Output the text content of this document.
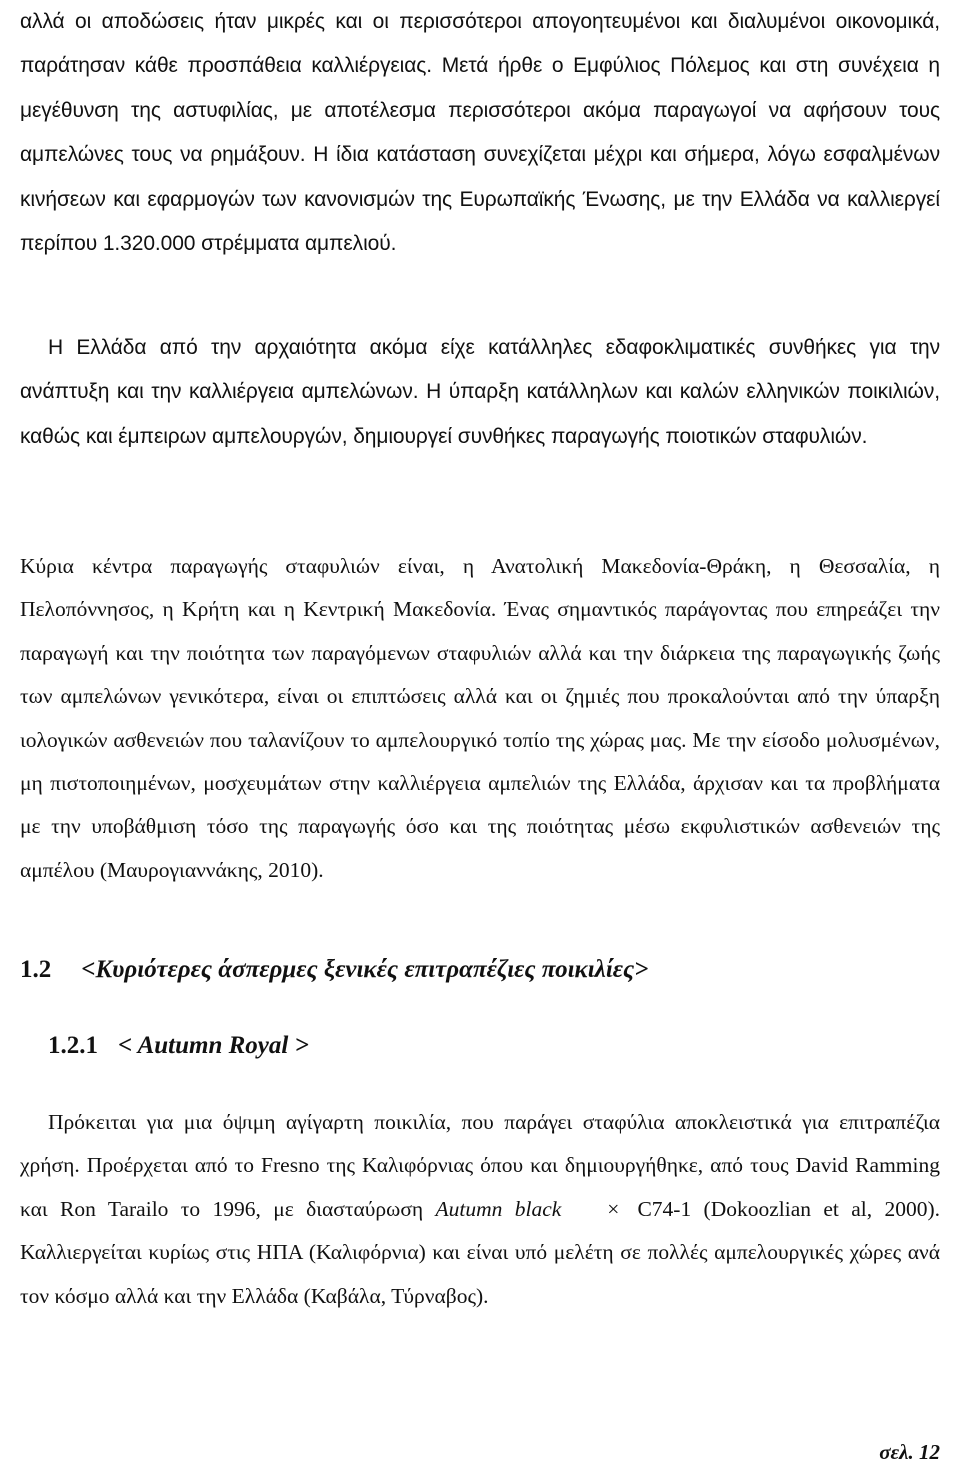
αλλά οι αποδώσεις ήταν μικρές και οι περισσότεροι απογοητευμένοι και διαλυμένοι οικονομικά, παράτησαν κάθε προσπάθεια καλλιέργειας. Μετά ήρθε ο Εμφύλιος Πόλεμος και στη συνέχεια η μεγέθυνση της αστυφιλίας, με αποτέλεσμα περισσότεροι ακόμα παραγωγοί να αφήσουν τους αμπελώνες τους να ρημάξουν. Η ίδια κατάσταση συνεχίζεται μέχρι και σήμερα, λόγω εσφαλμένων κινήσεων και εφαρμογών των κανονισμών της Ευρωπαϊκής Ένωσης, με την Ελλάδα να καλλιεργεί περίπου 1.320.000 στρέμματα αμπελιού.

Η Ελλάδα από την αρχαιότητα ακόμα είχε κατάλληλες εδαφοκλιματικές συνθήκες για την ανάπτυξη και την καλλιέργεια αμπελώνων. Η ύπαρξη κατάλληλων και καλών ελληνικών ποικιλιών, καθώς και έμπειρων αμπελουργών, δημιουργεί συνθήκες παραγωγής ποιοτικών σταφυλιών.

Κύρια κέντρα παραγωγής σταφυλιών είναι, η Ανατολική Μακεδονία-Θράκη, η Θεσσαλία, η Πελοπόννησος, η Κρήτη και η Κεντρική Μακεδονία. Ένας σημαντικός παράγοντας που επηρεάζει την παραγωγή και την ποιότητα των παραγόμενων σταφυλιών αλλά και την διάρκεια της παραγωγικής ζωής των αμπελώνων γενικότερα, είναι οι επιπτώσεις αλλά και οι ζημιές που προκαλούνται από την ύπαρξη ιολογικών ασθενειών που ταλανίζουν το αμπελουργικό τοπίο της χώρας μας. Με την είσοδο μολυσμένων, μη πιστοποιημένων, μοσχευμάτων στην καλλιέργεια αμπελιών της Ελλάδα, άρχισαν και τα προβλήματα με την υποβάθμιση τόσο της παραγωγής όσο και της ποιότητας μέσω εκφυλιστικών ασθενειών της αμπέλου (Μαυρογιαννάκης, 2010).

1.2 <Κυριότερες άσπερμες ξενικές επιτραπέζιες ποικιλίες>
1.2.1 < Autumn Royal >

Πρόκειται για μια όψιμη αγίγαρτη ποικιλία, που παράγει σταφύλια αποκλειστικά για επιτραπέζια χρήση. Προέρχεται από το Fresno της Καλιφόρνιας όπου και δημιουργήθηκε, από τους David Ramming και Ron Tarailo το 1996, με διασταύρωση Autumn black × C74-1 (Dokoozlian et al, 2000). Καλλιεργείται κυρίως στις ΗΠΑ (Καλιφόρνια) και είναι υπό μελέτη σε πολλές αμπελουργικές χώρες ανά τον κόσμο αλλά και την Ελλάδα (Καβάλα, Τύρναβος).

σελ. 12
